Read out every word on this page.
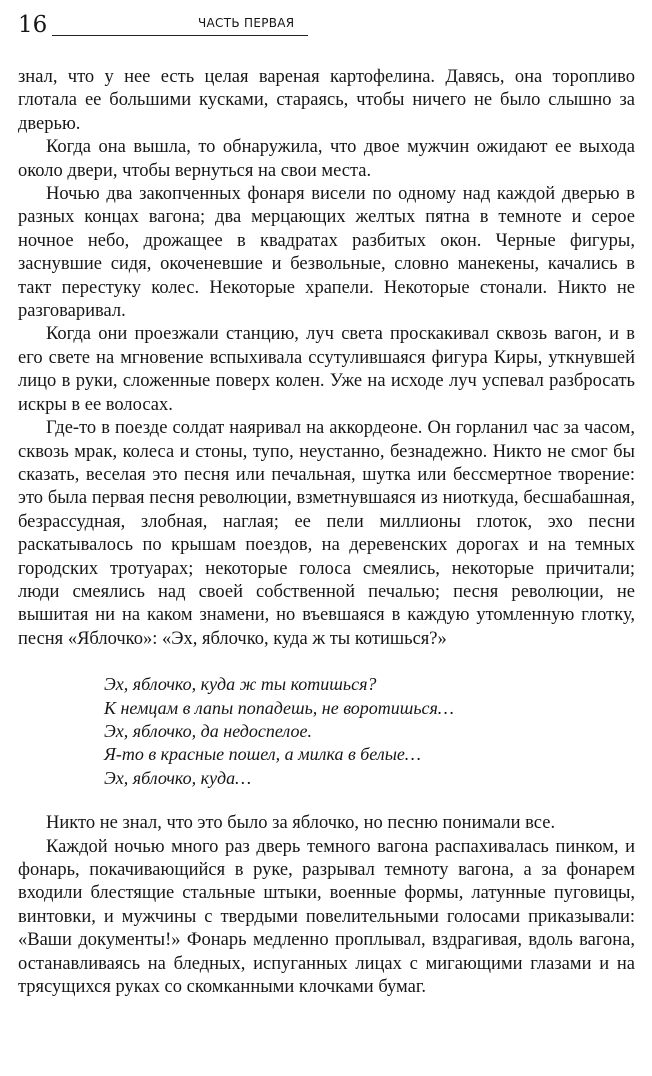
16	ЧАСТЬ ПЕРВАЯ

знал, что у нее есть целая вареная картофелина. Давясь, она торопливо глотала ее большими кусками, стараясь, чтобы ничего не было слышно за дверью.

Когда она вышла, то обнаружила, что двое мужчин ожидают ее выхода около двери, чтобы вернуться на свои места.

Ночью два закопченных фонаря висели по одному над каждой дверью в разных концах вагона; два мерцающих желтых пятна в темноте и серое ночное небо, дрожащее в квадратах разбитых окон. Черные фигуры, заснувшие сидя, окоченевшие и безвольные, словно манекены, качались в такт перестуку колес. Некоторые храпели. Некоторые стонали. Никто не разговаривал.

Когда они проезжали станцию, луч света проскакивал сквозь вагон, и в его свете на мгновение вспыхивала ссутулившаяся фигура Киры, уткнувшей лицо в руки, сложенные поверх колен. Уже на исходе луч успевал разбросать искры в ее волосах.

Где-то в поезде солдат наяривал на аккордеоне. Он горланил час за часом, сквозь мрак, колеса и стоны, тупо, неустанно, безнадежно. Никто не смог бы сказать, веселая это песня или печальная, шутка или бессмертное творение: это была первая песня революции, взметнувшаяся из ниоткуда, бесшабашная, безрассудная, злобная, наглая; ее пели миллионы глоток, эхо песни раскатывалось по крышам поездов, на деревенских дорогах и на темных городских тротуарах; некоторые голоса смеялись, некоторые причитали; люди смеялись над своей собственной печалью; песня революции, не вышитая ни на каком знамени, но въевшаяся в каждую утомленную глотку, песня «Яблочко»: «Эх, яблочко, куда ж ты котишься?»

Эх, яблочко, куда ж ты котишься?
К немцам в лапы попадешь, не воротишься…
Эх, яблочко, да недоспелое.
Я-то в красные пошел, а милка в белые…
Эх, яблочко, куда…

Никто не знал, что это было за яблочко, но песню понимали все.

Каждой ночью много раз дверь темного вагона распахивалась пинком, и фонарь, покачивающийся в руке, разрывал темноту вагона, а за фонарем входили блестящие стальные штыки, военные формы, латунные пуговицы, винтовки, и мужчины с твердыми повелительными голосами приказывали: «Ваши документы!» Фонарь медленно проплывал, вздрагивая, вдоль вагона, останавливаясь на бледных, испуганных лицах с мигающими глазами и на трясущихся руках со скомканными клочками бумаг.
